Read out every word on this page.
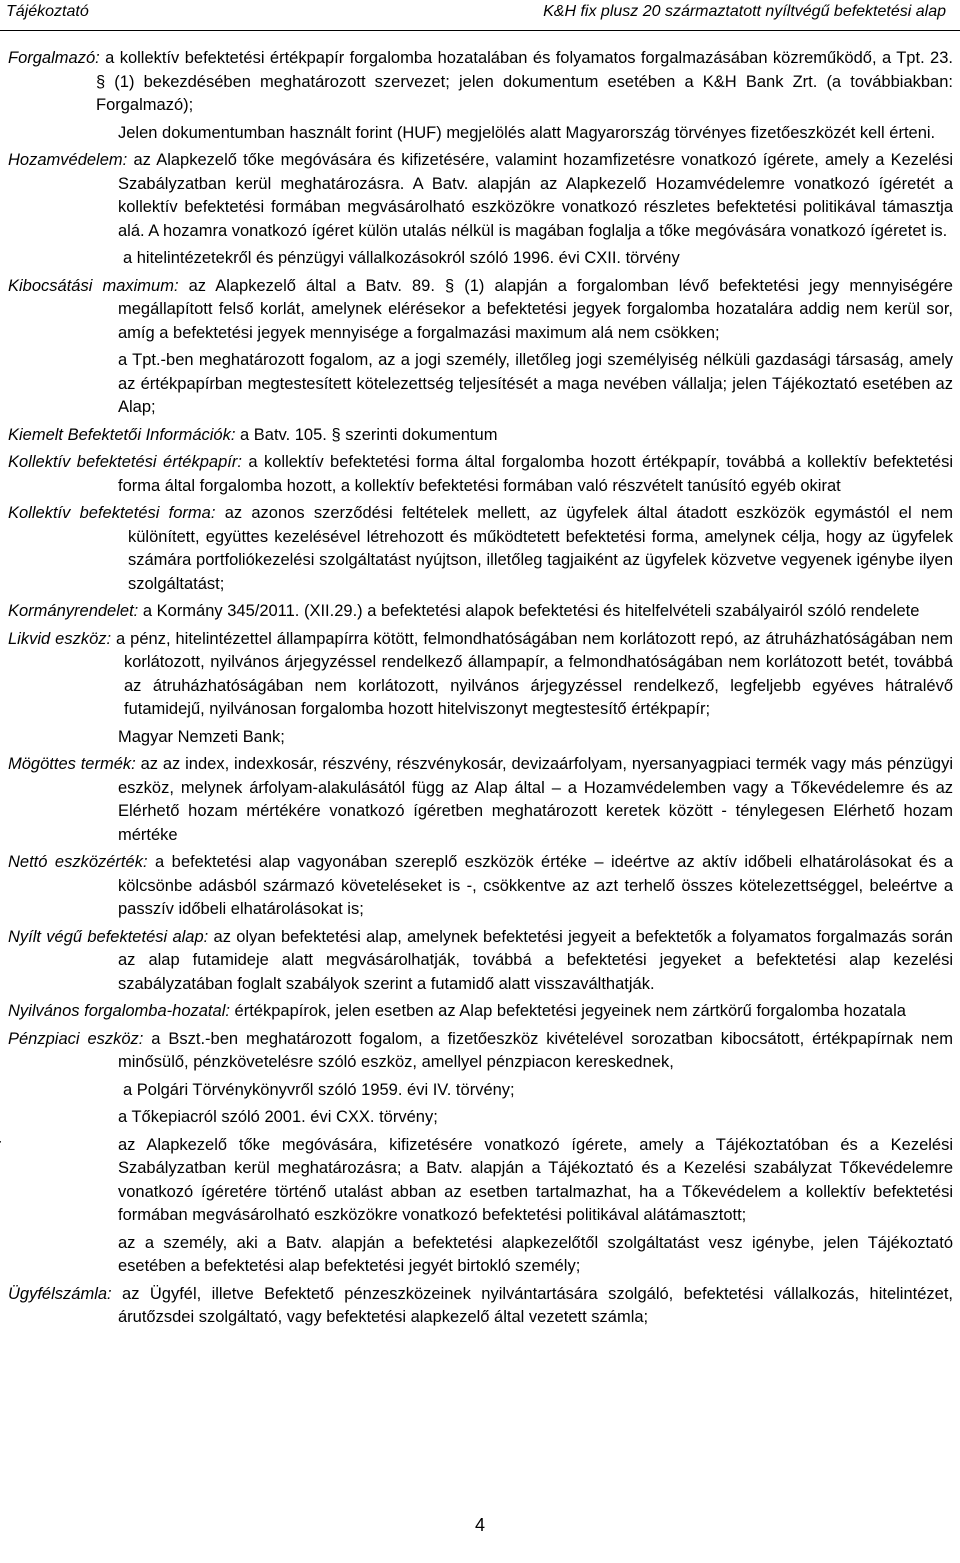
Tájékoztató	K&H fix plusz 20 származtatott nyíltvégű befektetési alap

Forgalmazó: a kollektív befektetési értékpapír forgalomba hozatalában és folyamatos forgalmazásában közreműködő, a Tpt. 23. § (1) bekezdésében meghatározott szervezet; jelen dokumentum esetében a K&H Bank Zrt. (a továbbiakban: Forgalmazó);

Jelen dokumentumban használt forint (HUF) megjelölés alatt Magyarország törvényes fizetőeszközét kell érteni.

Hozamvédelem: az Alapkezelő tőke megóvására és kifizetésére, valamint hozamfizetésre vonatkozó ígérete, amely a Kezelési Szabályzatban kerül meghatározásra. A Batv. alapján az Alapkezelő Hozamvédelemre vonatkozó ígéretét a kollektív befektetési formában megvásárolható eszközökre vonatkozó részletes befektetési politikával támasztja alá. A hozamra vonatkozó ígéret külön utalás nélkül is magában foglalja a tőke megóvására vonatkozó ígéretet is.

a hitelintézetekről és pénzügyi vállalkozásokról szóló 1996. évi CXII. törvény

Kibocsátási maximum: az Alapkezelő által a Batv. 89. § (1) alapján a forgalomban lévő befektetési jegy mennyiségére megállapított felső korlát, amelynek elérésekor a befektetési jegyek forgalomba hozatalára addig nem kerül sor, amíg a befektetési jegyek mennyisége a forgalmazási maximum alá nem csökken;

a Tpt.-ben meghatározott fogalom, az a jogi személy, illetőleg jogi személyiség nélküli gazdasági társaság, amely az értékpapírban megtestesített kötelezettség teljesítését a maga nevében vállalja; jelen Tájékoztató esetében az Alap;

Kiemelt Befektetői Információk: a Batv. 105. § szerinti dokumentum

Kollektív befektetési értékpapír: a kollektív befektetési forma által forgalomba hozott értékpapír, továbbá a kollektív befektetési forma által forgalomba hozott, a kollektív befektetési formában való részvételt tanúsító egyéb okirat

Kollektív befektetési forma: az azonos szerződési feltételek mellett, az ügyfelek által átadott eszközök egymástól el nem különített, együttes kezelésével létrehozott és működtetett befektetési forma, amelynek célja, hogy az ügyfelek számára portfoliókezelési szolgáltatást nyújtson, illetőleg tagjaiként az ügyfelek közvetve vegyenek igénybe ilyen szolgáltatást;

Kormányrendelet: a Kormány 345/2011. (XII.29.) a befektetési alapok befektetési és hitelfelvételi szabályairól szóló rendelete

Likvid eszköz: a pénz, hitelintézettel állampapírra kötött, felmondhatóságában nem korlátozott repó, az átruházhatóságában nem korlátozott, nyilvános árjegyzéssel rendelkező állampapír, a felmondhatóságában nem korlátozott betét, továbbá az átruházhatóságában nem korlátozott, nyilvános árjegyzéssel rendelkező, legfeljebb egyéves hátralévő futamidejű, nyilvánosan forgalomba hozott hitelviszonyt megtestesítő értékpapír;

Magyar Nemzeti Bank;

Mögöttes termék: az az index, indexkosár, részvény, részvénykosár, devizaárfolyam, nyersanyagpiaci termék vagy más pénzügyi eszköz, melynek árfolyam-alakulásától függ az Alap által – a Hozamvédelemben vagy a Tőkevédelemre és az Elérhető hozam mértékére vonatkozó ígéretben meghatározott keretek között - ténylegesen Elérhető hozam mértéke

Nettó eszközérték: a befektetési alap vagyonában szereplő eszközök értéke – ideértve az aktív időbeli elhatárolásokat és a kölcsönbe adásból származó követeléseket is -, csökkentve az azt terhelő összes kötelezettséggel, beleértve a passzív időbeli elhatárolásokat is;

Nyílt végű befektetési alap: az olyan befektetési alap, amelynek befektetési jegyeit a befektetők a folyamatos forgalmazás során az alap futamideje alatt megvásárolhatják, továbbá a befektetési jegyeket a befektetési alap kezelési szabályzatában foglalt szabályok szerint a futamidő alatt visszaválthatják.

Nyilvános forgalomba-hozatal: értékpapírok, jelen esetben az Alap befektetési jegyeinek nem zártkörű forgalomba hozatala

Pénzpiaci eszköz: a Bszt.-ben meghatározott fogalom, a fizetőeszköz kivételével sorozatban kibocsátott, értékpapírnak nem minősülő, pénzkövetelésre szóló eszköz, amellyel pénzpiacon kereskednek,

a Polgári Törvénykönyvről szóló 1959. évi IV. törvény;

a Tőkepiacról szóló 2001. évi CXX. törvény;

az Alapkezelő tőke megóvására, kifizetésére vonatkozó ígérete, amely a Tájékoztatóban és a Kezelési Szabályzatban kerül meghatározásra; a Batv. alapján a Tájékoztató és a Kezelési szabályzat Tőkevédelemre vonatkozó ígéretére történő utalást abban az esetben tartalmazhat, ha a Tőkevédelem a kollektív befektetési formában megvásárolható eszközökre vonatkozó befektetési politikával alátámasztott;

az a személy, aki a Batv. alapján a befektetési alapkezelőtől szolgáltatást vesz igénybe, jelen Tájékoztató esetében a befektetési alap befektetési jegyét birtokló személy;

Ügyfélszámla: az Ügyfél, illetve Befektető pénzeszközeinek nyilvántartására szolgáló, befektetési vállalkozás, hitelintézet, árutőzsdei szolgáltató, vagy befektetési alapkezelő által vezetett számla;

4
